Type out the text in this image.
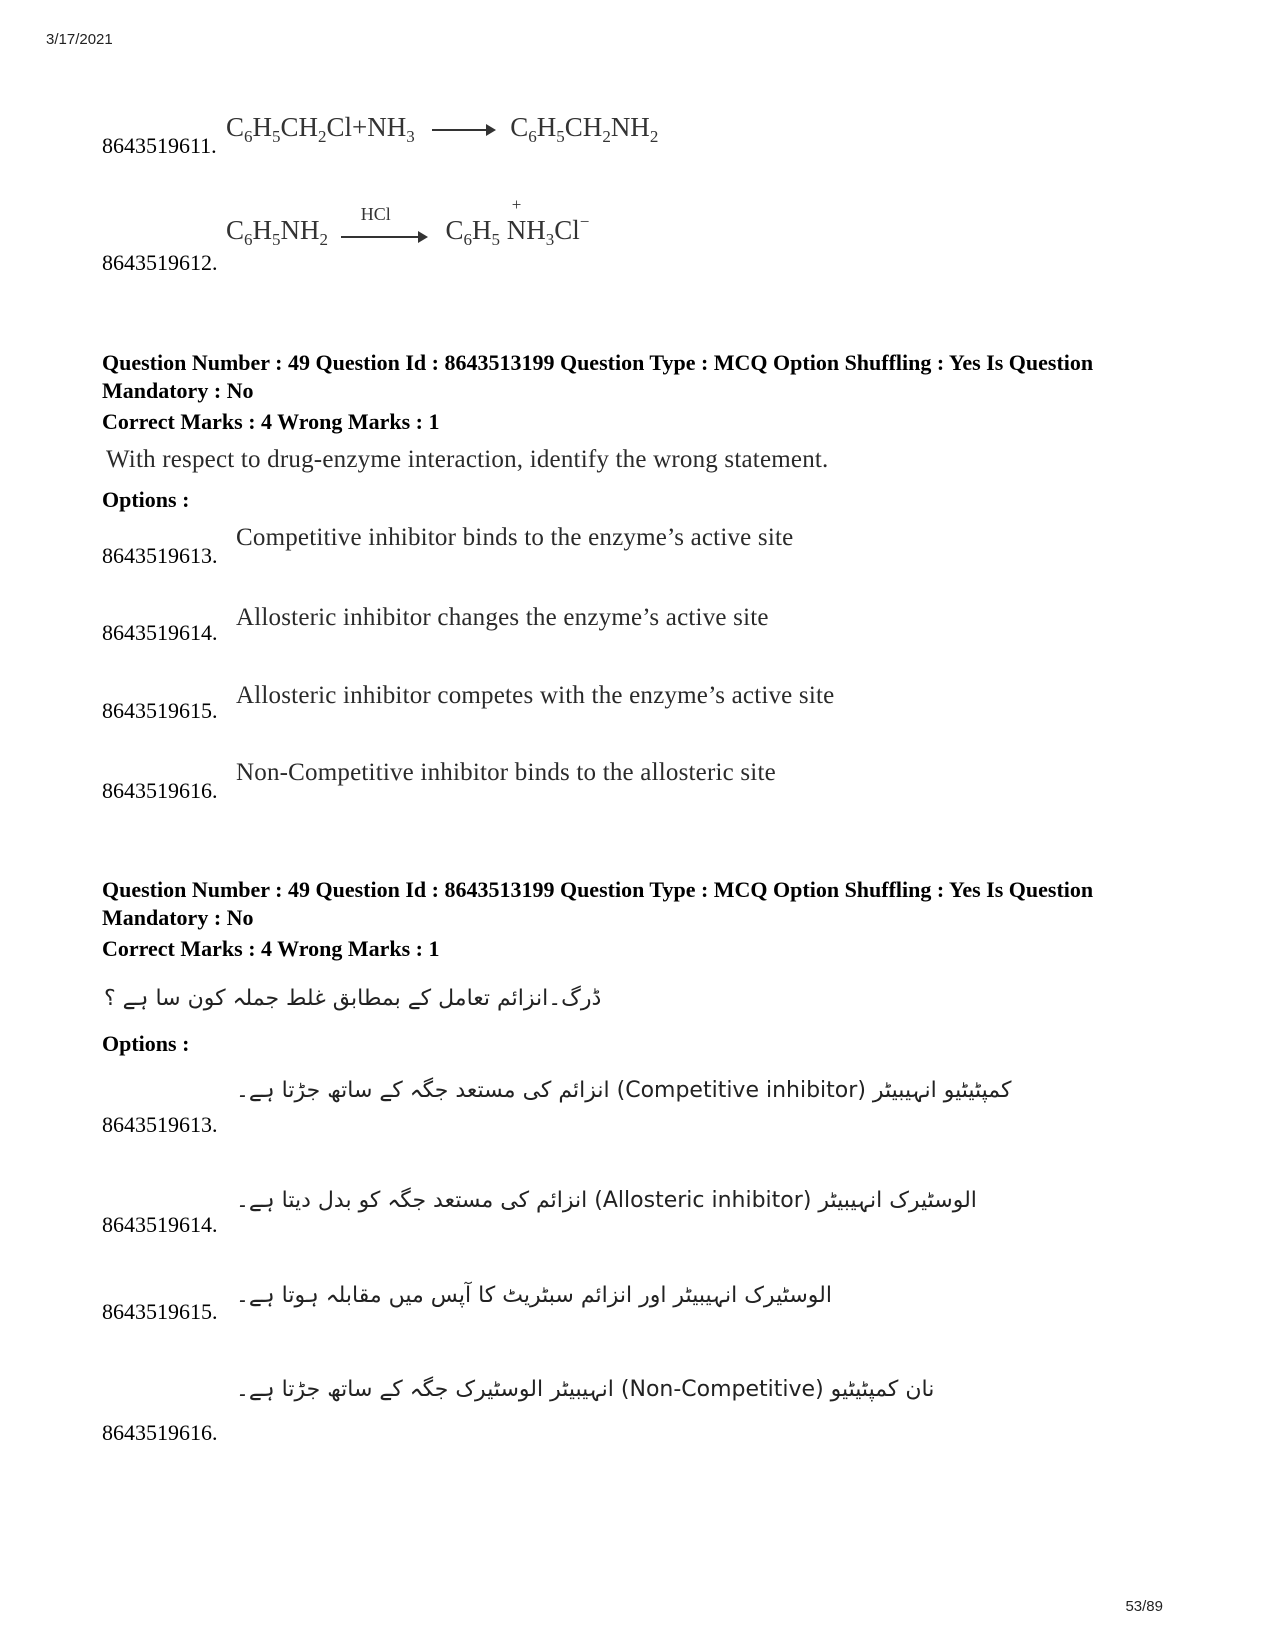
3/17/2021
8643519611.
$C_6H_5CH_2Cl+NH_3 \to C_6H_5CH_2NH_2$
8643519612.
$C_6H_5NH_2$
HCl
$C_6H_5$
+
$NH_3Cl^-$
Question Number : 49 Question Id : 8643513199 Question Type : MCQ Option Shuffling : Yes Is Question Mandatory : No
Correct Marks : 4 Wrong Marks : 1
With respect to drug-enzyme interaction, identify the wrong statement.
Options :
8643519613.
Competitive inhibitor binds to the enzyme’s active site
8643519614.
Allosteric inhibitor changes the enzyme’s active site
8643519615.
Allosteric inhibitor competes with the enzyme’s active site
8643519616.
Non-Competitive inhibitor binds to the allosteric site
Question Number : 49 Question Id : 8643513199 Question Type : MCQ Option Shuffling : Yes Is Question Mandatory : No
Correct Marks : 4 Wrong Marks : 1
ڈرگ۔انزائم تعامل کے بمطابق غلط جملہ کون سا ہے ؟
Options :
8643519613.
کمپٹیٹیو انہیبیٹر (Competitive inhibitor) انزائم کی مستعد جگہ کے ساتھ جڑتا ہے۔
8643519614.
الوسٹیرک انہیبیٹر (Allosteric inhibitor) انزائم کی مستعد جگہ کو بدل دیتا ہے۔
8643519615.
الوسٹیرک انہیبیٹر اور انزائم سبٹریٹ کا آپس میں مقابلہ ہوتا ہے۔
8643519616.
نان کمپٹیٹیو (Non-Competitive) انہیبیٹر الوسٹیرک جگہ کے ساتھ جڑتا ہے۔
53/89
